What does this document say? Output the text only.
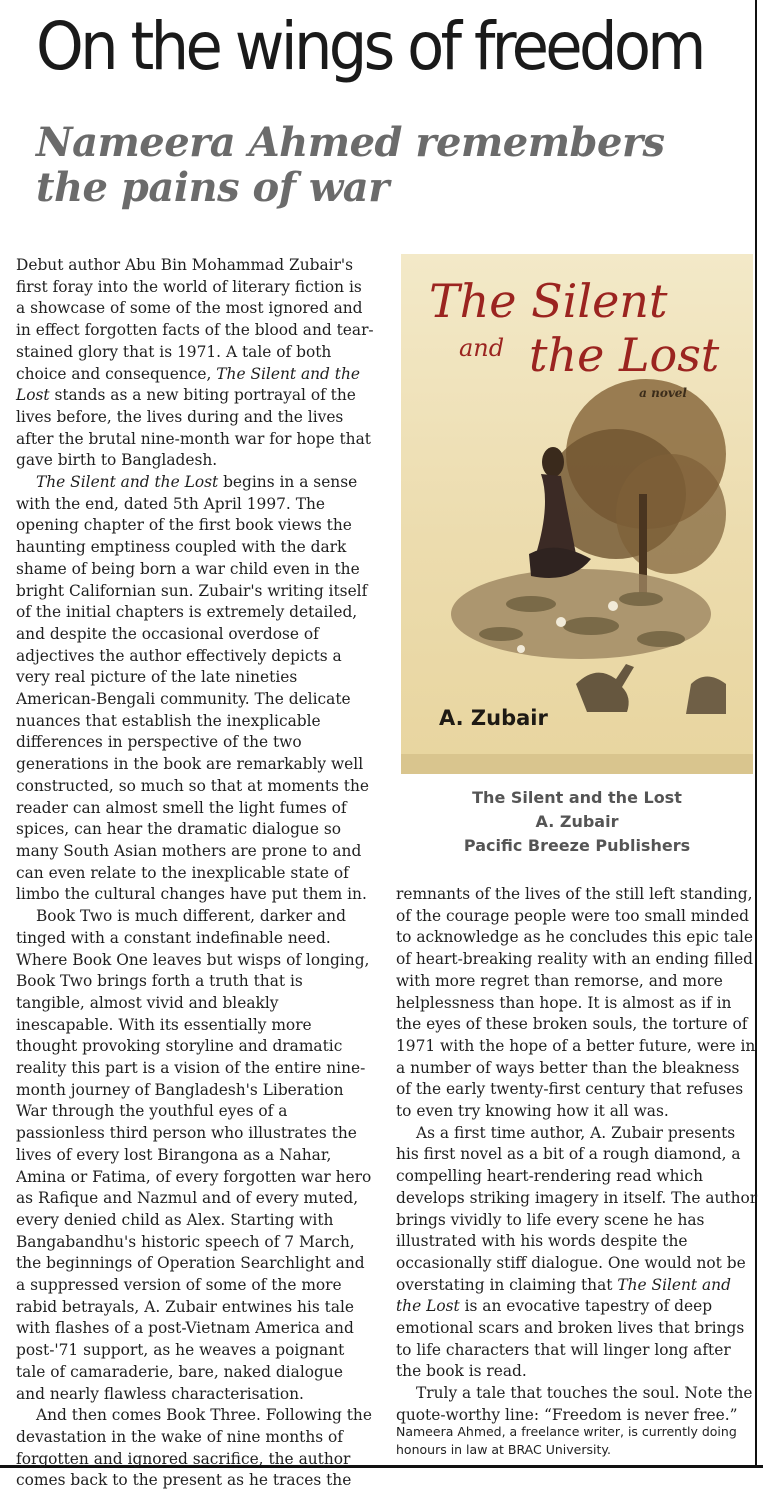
On the wings of freedom
Nameera Ahmed remembers the pains of war

Debut author Abu Bin Mohammad Zubair's first foray into the world of literary fiction is a showcase of some of the most ignored and in effect forgotten facts of the blood and tear-stained glory that is 1971. A tale of both choice and consequence, The Silent and the Lost stands as a new biting portrayal of the lives before, the lives during and the lives after the brutal nine-month war for hope that gave birth to Bangladesh.

The Silent and the Lost begins in a sense with the end, dated 5th April 1997. The opening chapter of the first book views the haunting emptiness coupled with the dark shame of being born a war child even in the bright Californian sun. Zubair's writing itself of the initial chapters is extremely detailed, and despite the occasional overdose of adjectives the author effectively depicts a very real picture of the late nineties American-Bengali community. The delicate nuances that establish the inexplicable differences in perspective of the two generations in the book are remarkably well constructed, so much so that at moments the reader can almost smell the light fumes of spices, can hear the dramatic dialogue so many South Asian mothers are prone to and can even relate to the inexplicable state of limbo the cultural changes have put them in.

Book Two is much different, darker and tinged with a constant indefinable need. Where Book One leaves but wisps of longing, Book Two brings forth a truth that is tangible, almost vivid and bleakly inescapable. With its essentially more thought provoking storyline and dramatic reality this part is a vision of the entire nine-month journey of Bangladesh's Liberation War through the youthful eyes of a passionless third person who illustrates the lives of every lost Birangona as a Nahar, Amina or Fatima, of every forgotten war hero as Rafique and Nazmul and of every muted, every denied child as Alex. Starting with Bangabandhu's historic speech of 7 March, the beginnings of Operation Searchlight and a suppressed version of some of the more rabid betrayals, A. Zubair entwines his tale with flashes of a post-Vietnam America and post-'71 support, as he weaves a poignant tale of camaraderie, bare, naked dialogue and nearly flawless characterisation.

And then comes Book Three. Following the devastation in the wake of nine months of forgotten and ignored sacrifice, the author comes back to the present as he traces the

The Silent
and the Lost
a novel
A. Zubair
The Silent and the Lost
A. Zubair
Pacific Breeze Publishers

remnants of the lives of the still left standing, of the courage people were too small minded to acknowledge as he concludes this epic tale of heart-breaking reality with an ending filled with more regret than remorse, and more helplessness than hope. It is almost as if in the eyes of these broken souls, the torture of 1971 with the hope of a better future, were in a number of ways better than the bleakness of the early twenty-first century that refuses to even try knowing how it all was.

As a first time author, A. Zubair presents his first novel as a bit of a rough diamond, a compelling heart-rendering read which develops striking imagery in itself. The author brings vividly to life every scene he has illustrated with his words despite the occasionally stiff dialogue. One would not be overstating in claiming that The Silent and the Lost is an evocative tapestry of deep emotional scars and broken lives that brings to life characters that will linger long after the book is read.

Truly a tale that touches the soul. Note the quote-worthy line: “Freedom is never free.”

Nameera Ahmed, a freelance writer, is currently doing honours in law at BRAC University.
